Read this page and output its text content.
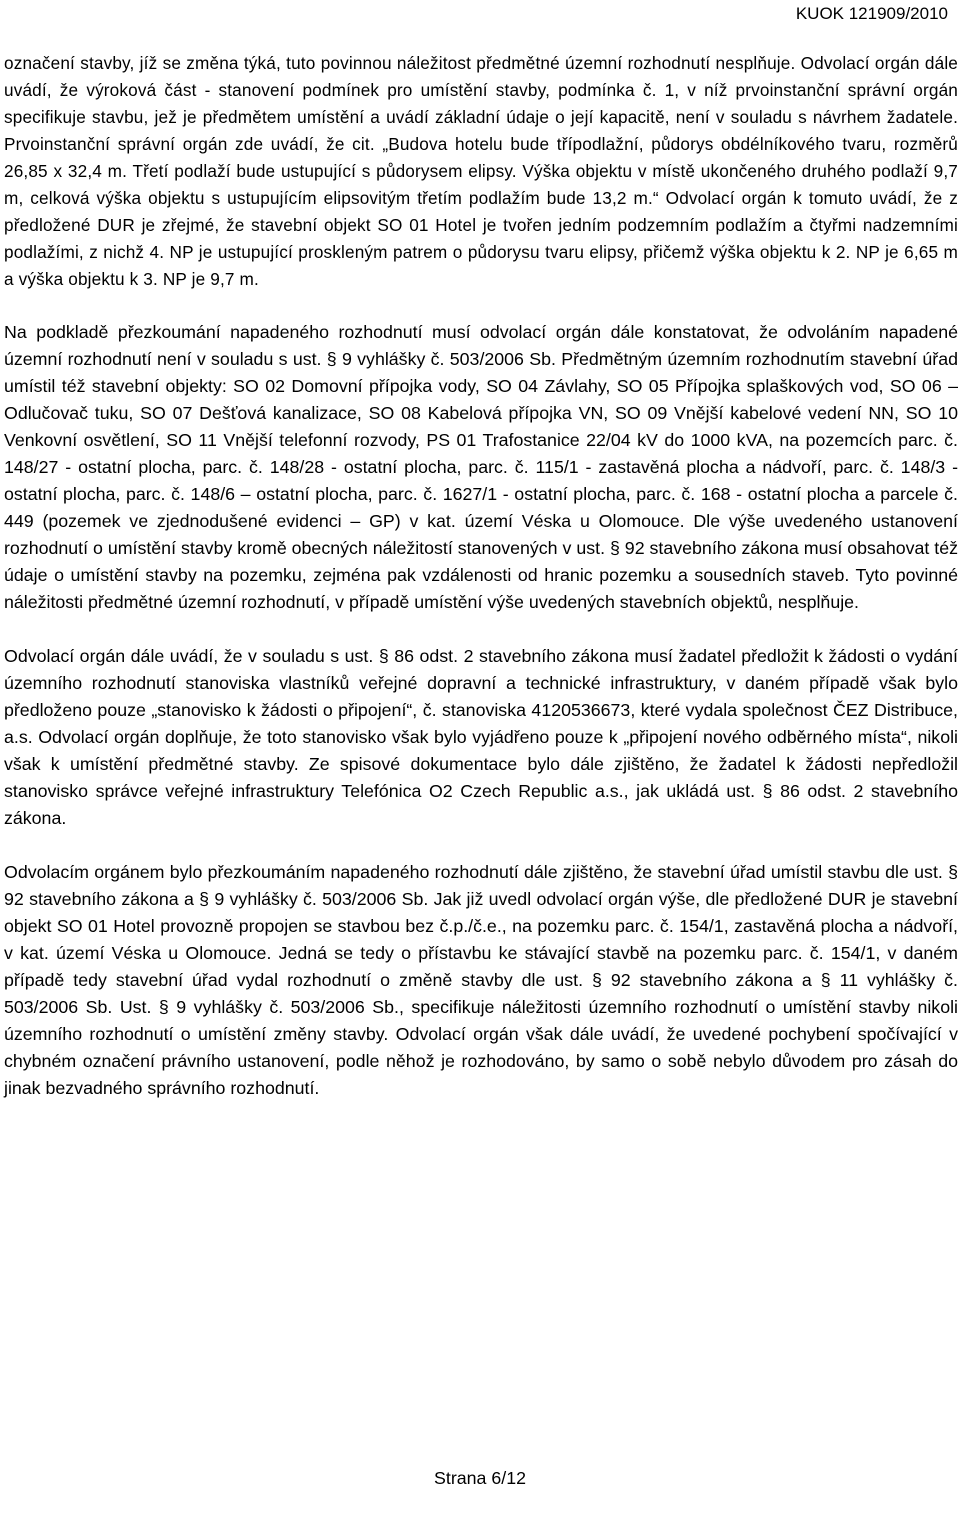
KUOK 121909/2010

označení stavby, jíž se změna týká, tuto povinnou náležitost předmětné územní rozhodnutí nesplňuje. Odvolací orgán dále uvádí, že výroková část - stanovení podmínek pro umístění stavby, podmínka č. 1, v níž prvoinstanční správní orgán specifikuje stavbu, jež je předmětem umístění a uvádí základní údaje o její kapacitě, není v souladu s návrhem žadatele. Prvoinstanční správní orgán zde uvádí, že cit. „Budova hotelu bude třípodlažní, půdorys obdélníkového tvaru, rozměrů 26,85 x 32,4 m. Třetí podlaží bude ustupující s půdorysem elipsy. Výška objektu v místě ukončeného druhého podlaží 9,7 m, celková výška objektu s ustupujícím elipsovitým třetím podlažím bude 13,2 m.“ Odvolací orgán k tomuto uvádí, že z předložené DUR je zřejmé, že stavební objekt SO 01 Hotel je tvořen jedním podzemním podlažím a čtyřmi nadzemními podlažími, z nichž 4. NP je ustupující proskleným patrem o půdorysu tvaru elipsy, přičemž výška objektu k 2. NP je 6,65 m a výška objektu k 3. NP je 9,7 m.

Na podkladě přezkoumání napadeného rozhodnutí musí odvolací orgán dále konstatovat, že odvoláním napadené územní rozhodnutí není v souladu s ust. § 9 vyhlášky č. 503/2006 Sb. Předmětným územním rozhodnutím stavební úřad umístil též stavební objekty: SO 02 Domovní přípojka vody, SO 04 Závlahy, SO 05 Přípojka splaškových vod, SO 06 – Odlučovač tuku, SO 07 Dešťová kanalizace, SO 08 Kabelová přípojka VN, SO 09 Vnější kabelové vedení NN, SO 10 Venkovní osvětlení, SO 11 Vnější telefonní rozvody, PS 01 Trafostanice 22/04 kV do 1000 kVA, na pozemcích parc. č. 148/27 - ostatní plocha, parc. č. 148/28 - ostatní plocha, parc. č. 115/1 - zastavěná plocha a nádvoří, parc. č. 148/3 - ostatní plocha, parc. č. 148/6 – ostatní plocha, parc. č. 1627/1 - ostatní plocha, parc. č. 168 - ostatní plocha a parcele č. 449 (pozemek ve zjednodušené evidenci – GP) v kat. území Véska u Olomouce. Dle výše uvedeného ustanovení rozhodnutí o umístění stavby kromě obecných náležitostí stanovených v ust. § 92 stavebního zákona musí obsahovat též údaje o umístění stavby na pozemku, zejména pak vzdálenosti od hranic pozemku a sousedních staveb. Tyto povinné náležitosti předmětné územní rozhodnutí, v případě umístění výše uvedených stavebních objektů, nesplňuje.

Odvolací orgán dále uvádí, že v souladu s ust. § 86 odst. 2 stavebního zákona musí žadatel předložit k žádosti o vydání územního rozhodnutí stanoviska vlastníků veřejné dopravní a technické infrastruktury, v daném případě však bylo předloženo pouze „stanovisko k žádosti o připojení“, č. stanoviska 4120536673, které vydala společnost ČEZ Distribuce, a.s. Odvolací orgán doplňuje, že toto stanovisko však bylo vyjádřeno pouze k „připojení nového odběrného místa“, nikoli však k umístění předmětné stavby. Ze spisové dokumentace bylo dále zjištěno, že žadatel k žádosti nepředložil stanovisko správce veřejné infrastruktury Telefónica O2 Czech Republic a.s., jak ukládá ust. § 86 odst. 2 stavebního zákona.

Odvolacím orgánem bylo přezkoumáním napadeného rozhodnutí dále zjištěno, že stavební úřad umístil stavbu dle ust. § 92 stavebního zákona a § 9 vyhlášky č. 503/2006 Sb. Jak již uvedl odvolací orgán výše, dle předložené DUR je stavební objekt SO 01 Hotel provozně propojen se stavbou bez č.p./č.e., na pozemku parc. č. 154/1, zastavěná plocha a nádvoří, v kat. území Véska u Olomouce. Jedná se tedy o přístavbu ke stávající stavbě na pozemku parc. č. 154/1, v daném případě tedy stavební úřad vydal rozhodnutí o změně stavby dle ust. § 92 stavebního zákona a § 11 vyhlášky č. 503/2006 Sb. Ust. § 9 vyhlášky č. 503/2006 Sb., specifikuje náležitosti územního rozhodnutí o umístění stavby nikoli územního rozhodnutí o umístění změny stavby. Odvolací orgán však dále uvádí, že uvedené pochybení spočívající v chybném označení právního ustanovení, podle něhož je rozhodováno, by samo o sobě nebylo důvodem pro zásah do jinak bezvadného správního rozhodnutí.

Strana 6/12
